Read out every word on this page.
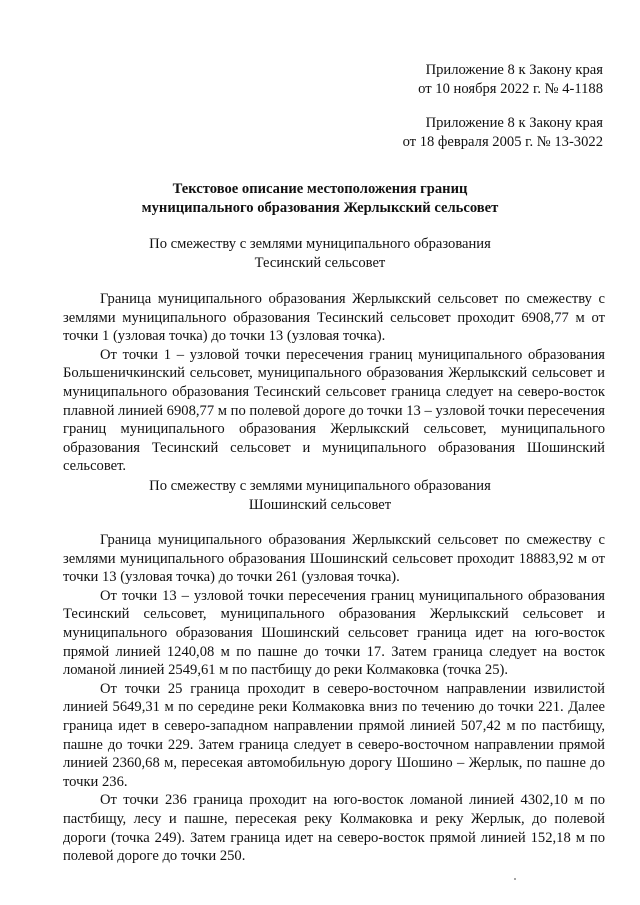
Приложение 8 к Закону края

от 10 ноября 2022 г. № 4-1188

Приложение 8 к Закону края

от 18 февраля 2005 г. № 13-3022

Текстовое описание местоположения границ

муниципального образования Жерлыкский сельсовет

По смежеству с землями муниципального образования

Тесинский сельсовет

Граница муниципального образования Жерлыкский сельсовет по смежеству с землями муниципального образования Тесинский сельсовет проходит 6908,77 м от точки 1 (узловая точка) до точки 13 (узловая точка).

От точки 1 – узловой точки пересечения границ муниципального образования Большеничкинский сельсовет, муниципального образования Жерлыкский сельсовет и муниципального образования Тесинский сельсовет граница следует на северо-восток плавной линией 6908,77 м по полевой дороге до точки 13 – узловой точки пересечения границ муниципального образования Жерлыкский сельсовет, муниципального образования Тесинский сельсовет и муниципального образования Шошинский сельсовет.

По смежеству с землями муниципального образования

Шошинский сельсовет

Граница муниципального образования Жерлыкский сельсовет по смежеству с землями муниципального образования Шошинский сельсовет проходит 18883,92 м от точки 13 (узловая точка) до точки 261 (узловая точка).

От точки 13 – узловой точки пересечения границ муниципального образования Тесинский сельсовет, муниципального образования Жерлыкский сельсовет и муниципального образования Шошинский сельсовет граница идет на юго-восток прямой линией 1240,08 м по пашне до точки 17. Затем граница следует на восток ломаной линией 2549,61 м по пастбищу до реки Колмаковка (точка 25).

От точки 25 граница проходит в северо-восточном направлении извилистой линией 5649,31 м по середине реки Колмаковка вниз по течению до точки 221. Далее граница идет в северо-западном направлении прямой линией 507,42 м по пастбищу, пашне до точки 229. Затем граница следует в северо-восточном направлении прямой линией 2360,68 м, пересекая автомобильную дорогу Шошино – Жерлык, по пашне до точки 236.

От точки 236 граница проходит на юго-восток ломаной линией 4302,10 м по пастбищу, лесу и пашне, пересекая реку Колмаковка и реку Жерлык, до полевой дороги (точка 249). Затем граница идет на северо-восток прямой линией 152,18 м по полевой дороге до точки 250.
